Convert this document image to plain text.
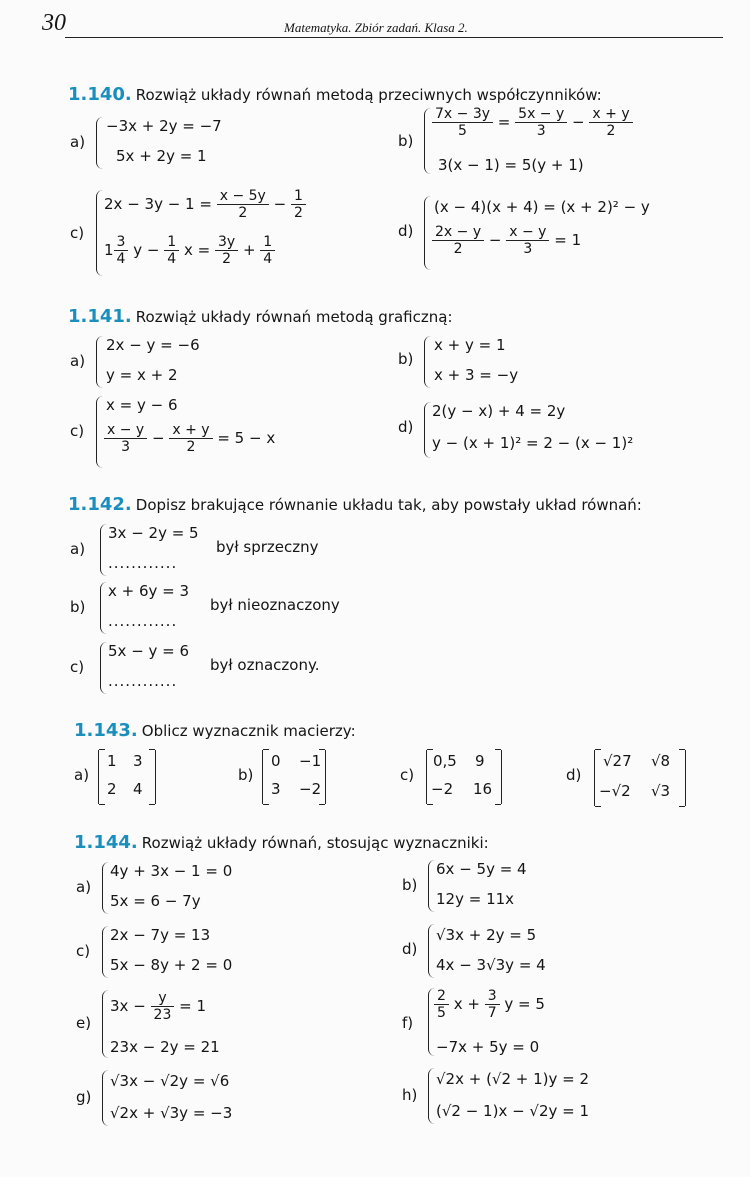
30	Matematyka. Zbiór zadań. Klasa 2.
1.140. Rozwiąż układy równań metodą przeciwnych współczynników:
a)
−3x + 2y = −7
5x + 2y = 1
b)
$\frac{7x - 3y}{5} = \frac{5x - y}{3} - \frac{x + y}{2}$
3(x − 1) = 5(y + 1)
c)
$2x - 3y - 1 = \frac{x - 5y}{2} - \frac{1}{2}$
$1 \frac{3}{4}$ $y - \frac{1}{4}$ $x = \frac{3y}{2} + \frac{1}{4}$
d)
(x − 4)(x + 4) = (x + 2)² − y
$\frac{2x - y}{2} - \frac{x - y}{3} = 1$
1.141. Rozwiąż układy równań metodą graficzną:
a)
2x − y = −6
y = x + 2
b)
x + y = 1
x + 3 = −y
c)
x = y − 6
$\frac{x - y}{3} - \frac{x + y}{2} = 5 - x$
d)
2(y − x) + 4 = 2y
y − (x + 1)² = 2 − (x − 1)²
1.142. Dopisz brakujące równanie układu tak, aby powstały układ równań:
a)
3x − 2y = 5
............
był sprzeczny
b)
x + 6y = 3
............
był nieoznaczony
c)
5x − y = 6
............
był oznaczony.
1.143. Oblicz wyznacznik macierzy:
a)
1 3
2 4
b)
0 −1
3 −2
c)
0,5 9
−2 16
d)
√27 √8
−√2 √3
1.144. Rozwiąż układy równań, stosując wyznaczniki:
a)
4y + 3x − 1 = 0
5x = 6 − 7y
b)
6x − 5y = 4
12y = 11x
c)
2x − 7y = 13
5x − 8y + 2 = 0
d)
√3x + 2y = 5
4x − 3√3y = 4
e)
$3x - \frac{y}{23} = 1$
23x − 2y = 21
f)
$\frac{2}{5}$ $x + \frac{3}{7}$ y = 5
−7x + 5y = 0
g)
√3x − √2y = √6
√2x + √3y = −3
h)
√2x + (√2 + 1)y = 2
(√2 − 1)x − √2y = 1
